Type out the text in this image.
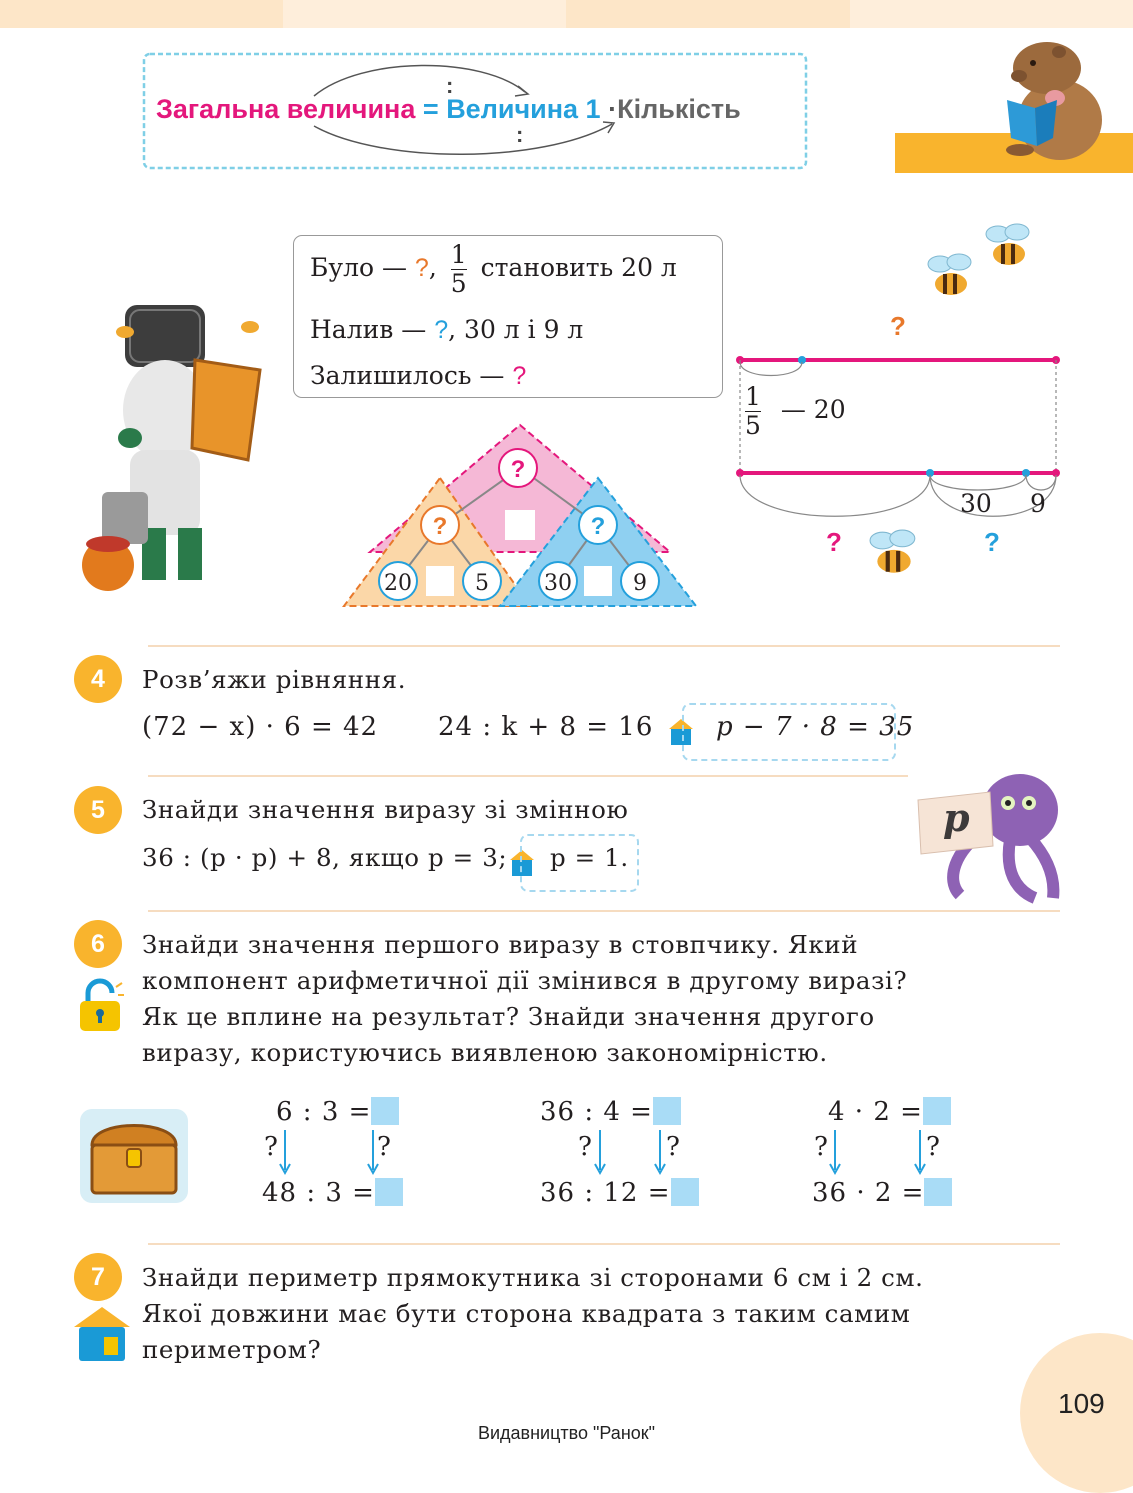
:
:
Загальна величина = Величина 1 ·Кількість
Було — ?, $\frac{1}{5}$ становить 20 л
Налив — ?, 30 л і 9 л
Залишилось — ?
?
?	?
20	5	30	9
?
$\frac{1}{5}$ — 20
30 9
?	?
4	Розв’яжи рівняння.
(72 − x) · 6 = 42 24 : k + 8 = 16 p − 7 · 8 = 35
5	Знайди значення виразу зі змінною
36 : (p · p) + 8, якщо p = 3; p = 1.
p
6	Знайди значення першого виразу в стовпчику. Який
компонент арифметичної дії змінився в другому виразі?
Як це вплине на результат? Знайди значення другого
виразу, користуючись виявленою закономірністю.
6 : 3 =
48 : 3 =
36 : 4 =
36 : 12 =
4 · 2 =
36 · 2 =
?	?	?	?	?	?
7	Знайди периметр прямокутника зі сторонами 6 см і 2 см.
Якої довжини має бути сторона квадрата з таким самим
периметром?
109
Видавництво "Ранок"
